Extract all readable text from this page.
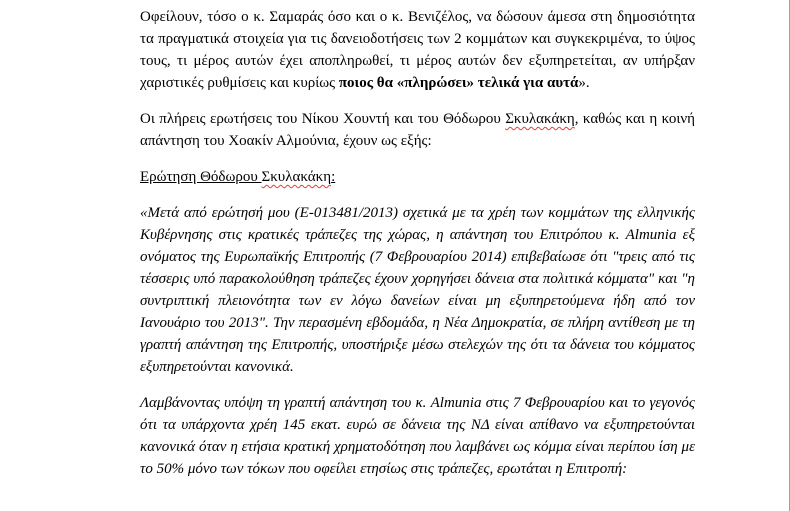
Οφείλουν, τόσο ο κ. Σαμαράς όσο και ο κ. Βενιζέλος, να δώσουν άμεσα στη δημοσιότητα τα πραγματικά στοιχεία για τις δανειοδοτήσεις των 2 κομμάτων και συγκεκριμένα, το ύψος τους, τι μέρος αυτών έχει αποπληρωθεί, τι μέρος αυτών δεν εξυπηρετείται, αν υπήρξαν χαριστικές ρυθμίσεις και κυρίως ποιος θα «πληρώσει» τελικά για αυτά».

Οι πλήρεις ερωτήσεις του Νίκου Χουντή και του Θόδωρου Σκυλακάκη, καθώς και η κοινή απάντηση του Χοακίν Αλμούνια, έχουν ως εξής:

Ερώτηση Θόδωρου Σκυλακάκη:

«Μετά από ερώτησή μου (E-013481/2013) σχετικά με τα χρέη των κομμάτων της ελληνικής Κυβέρνησης στις κρατικές τράπεζες της χώρας, η απάντηση του Επιτρόπου κ. Almunia εξ ονόματος της Ευρωπαϊκής Επιτροπής (7 Φεβρουαρίου 2014) επιβεβαίωσε ότι "τρεις από τις τέσσερις υπό παρακολούθηση τράπεζες έχουν χορηγήσει δάνεια στα πολιτικά κόμματα" και "η συντριπτική πλειονότητα των εν λόγω δανείων είναι μη εξυπηρετούμενα ήδη από τον Ιανουάριο του 2013". Την περασμένη εβδομάδα, η Νέα Δημοκρατία, σε πλήρη αντίθεση με τη γραπτή απάντηση της Επιτροπής, υποστήριξε μέσω στελεχών της ότι τα δάνεια του κόμματος εξυπηρετούνται κανονικά.

Λαμβάνοντας υπόψη τη γραπτή απάντηση του κ. Almunia στις 7 Φεβρουαρίου και το γεγονός ότι τα υπάρχοντα χρέη 145 εκατ. ευρώ σε δάνεια της ΝΔ είναι απίθανο να εξυπηρετούνται κανονικά όταν η ετήσια κρατική χρηματοδότηση που λαμβάνει ως κόμμα είναι περίπου ίση με το 50% μόνο των τόκων που οφείλει ετησίως στις τράπεζες, ερωτάται η Επιτροπή:
